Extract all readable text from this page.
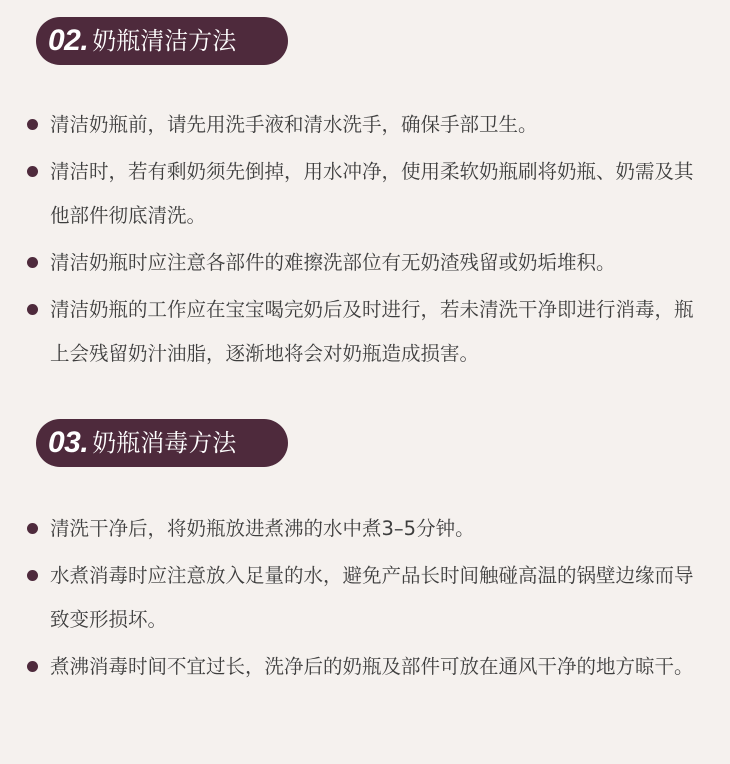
02. 奶瓶清洁方法
清洁奶瓶前，请先用洗手液和清水洗手，确保手部卫生。
清洁时，若有剩奶须先倒掉，用水冲净，使用柔软奶瓶刷将奶瓶、奶需及其他部件彻底清洗。
清洁奶瓶时应注意各部件的难擦洗部位有无奶渣残留或奶垢堆积。
清洁奶瓶的工作应在宝宝喝完奶后及时进行，若未清洗干净即进行消毒，瓶上会残留奶汁油脂，逐渐地将会对奶瓶造成损害。
03. 奶瓶消毒方法
清洗干净后，将奶瓶放进煮沸的水中煮3–5分钟。
水煮消毒时应注意放入足量的水，避免产品长时间触碰高温的锅壁边缘而导致变形损坏。
煮沸消毒时间不宜过长，洗净后的奶瓶及部件可放在通风干净的地方晾干。
